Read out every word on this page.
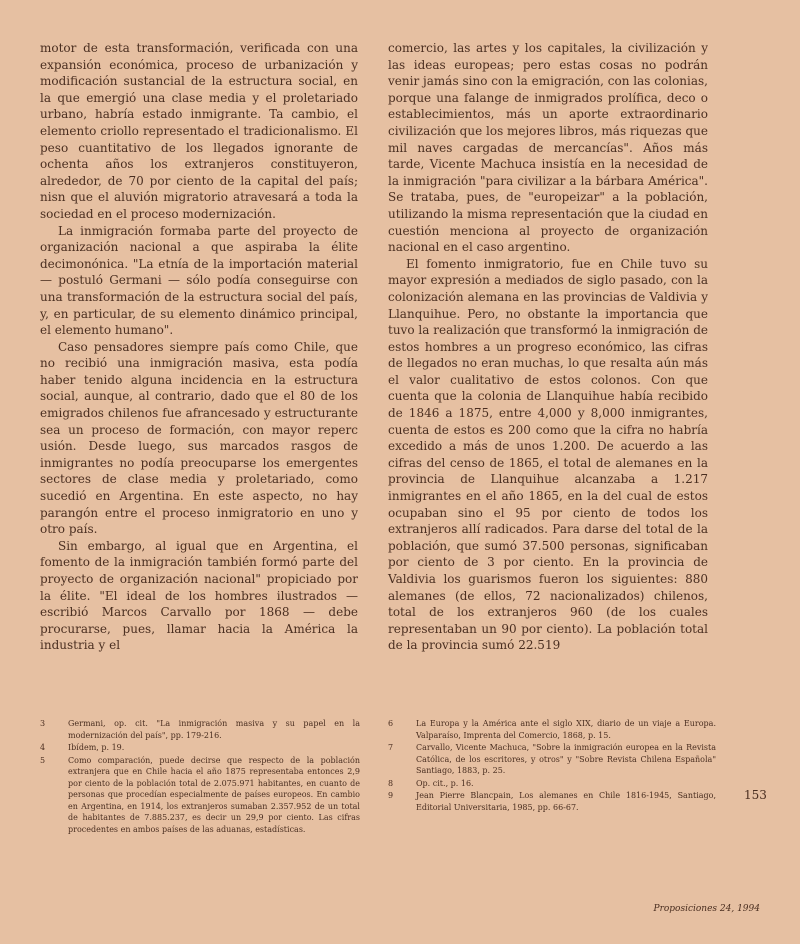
motor de esta transformación, verificada con una expansión económica, proceso de urbanización y modificación sustancial de la estructura social, en la que emergió una clase media y el proletariado urbano, habría estado inmigrante. Ta cambio, el elemento criollo representado el tradicionalismo. El peso cuantitativo de los llegados ignorante de ochenta años los extranjeros constituyeron, alrededor, de 70 por ciento de la capital del país; nisn que el aluvión migratorio atravesará a toda la sociedad en el proceso modernización.

La inmigración formaba parte del proyecto de organización nacional a que aspiraba la élite decimonónica. "La etnía de la importación material — postuló Germani — sólo podía conseguirse con una transformación de la estructura social del país, y, en particular, de su elemento dinámico principal, el elemento humano".

Caso pensadores siempre país como Chile, que no recibió una inmigración masiva, esta podía haber tenido alguna incidencia en la estructura social, aunque, al contrario, dado que el 80 de los emigrados chilenos fue afrancesado y estructurante sea un proceso de formación, con mayor reperc​usión. Desde luego, sus marcados rasgos de inmigrantes no podía preocuparse los emergentes sectores de clase media y proletariado, como sucedió en Argentina. En este aspecto, no hay parangón entre el proceso inmigratorio en uno y otro país.

Sin embargo, al igual que en Argentina, el fomento de la inmigración también formó parte del proyecto de organización nacional" propiciado por la élite. "El ideal de los hombres ilustrados — escribió Marcos Carvallo por 1868 — debe procurarse, pues, llamar hacia la América la industria y el

comercio, las artes y los capitales, la civilización y las ideas europeas; pero estas cosas no podrán venir jamás sino con la emigración, con las colonias, porque una falange de inmigrados prolífica, deco o establecimientos, más un aporte extraordinario civilización que los mejores libros, más riquezas que mil naves cargadas de mercancías". Años más tarde, Vicente Machuca insistía en la necesidad de la inmigración "para civilizar a la bárbara América". Se trataba, pues, de "europeizar" a la población, utilizando la misma representación que la ciudad en cuestión menciona al proyecto de organización nacional en el caso argentino.

El fomento inmigratorio, fue en Chile tuvo su mayor expresión a mediados de siglo pasado, con la colonización alemana en las provincias de Valdivia y Llanquihue. Pero, no obstante la importancia que tuvo la realización que transformó la inmigración de estos hombres a un progreso económico, las cifras de llegados no eran muchas, lo que resalta aún más el valor cualitativo de estos colonos. Con que cuenta que la colonia de Llanquihue había recibido de 1846 a 1875, entre 4,000 y 8,000 inmigrantes, cuenta de estos es 200 como que la cifra no habría excedido a más de unos 1.200. De acuerdo a las cifras del censo de 1865, el total de alemanes en la provincia de Llanquihue alcanzaba a 1.217 inmigrantes en el año 1865, en la del cual de estos ocupaban sino el 95 por ciento de todos los extranjeros allí radicados. Para darse del total de la población, que sumó 37.500 personas, significaban por ciento de 3 por ciento. En la provincia de Valdivia los guarismos fueron los siguientes: 880 alemanes (de ellos, 72 nacionalizados) chilenos, total de los extranjeros 960 (de los cuales representaban un 90 por ciento). La población total de la provincia sumó 22.519

3	Germani, op. cit. "La inmigración masiva y su papel en la modernización del país", pp. 179-216.
4	Ibídem, p. 19.
5	Como comparación, puede decirse que respecto de la población extranjera que en Chile hacia el año 1875 representaba entonces 2,9 por ciento de la población total de 2.075.971 habitantes, en cuanto de personas que procedían especialmente de países europeos. En cambio en Argentina, en 1914, los extranjeros sumaban 2.357.952 de un total de habitantes de 7.885.237, es decir un 29,9 por ciento. Las cifras procedentes en ambos países de las aduanas, estadísticas.
6	La Europa y la América ante el siglo XIX, diario de un viaje a Europa. Valparaíso, Imprenta del Comercio, 1868, p. 15.
7	Carvallo, Vicente Machuca, "Sobre la inmigración europea en la Revista Católica, de los escritores, y otros" y "Sobre Revista Chilena Española" Santiago, 1883, p. 25.
8	Op. cit., p. 16.
9	Jean Pierre Blancpain, Los alemanes en Chile 1816-1945, Santiago, Editorial Universitaria, 1985, pp. 66-67.
153
Proposiciones 24, 1994
